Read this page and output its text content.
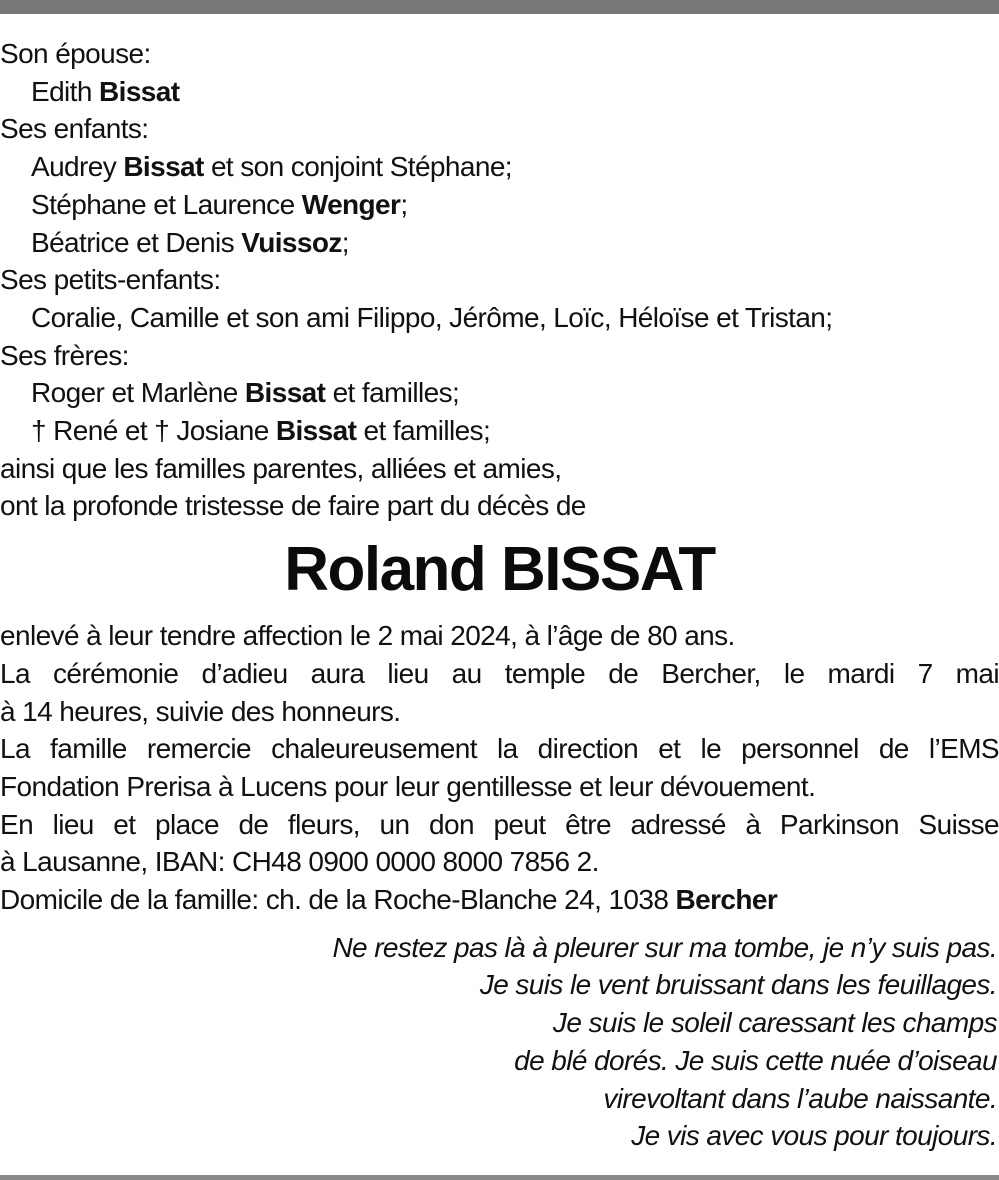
Son épouse:
Edith Bissat
Ses enfants:
Audrey Bissat et son conjoint Stéphane;
Stéphane et Laurence Wenger;
Béatrice et Denis Vuissoz;
Ses petits-enfants:
Coralie, Camille et son ami Filippo, Jérôme, Loïc, Héloïse et Tristan;
Ses frères:
Roger et Marlène Bissat et familles;
† René et † Josiane Bissat et familles;
ainsi que les familles parentes, alliées et amies,
ont la profonde tristesse de faire part du décès de
Roland BISSAT
enlevé à leur tendre affection le 2 mai 2024, à l’âge de 80 ans.
La cérémonie d’adieu aura lieu au temple de Bercher, le mardi 7 mai
à 14 heures, suivie des honneurs.
La famille remercie chaleureusement la direction et le personnel de l’EMS
Fondation Prerisa à Lucens pour leur gentillesse et leur dévouement.
En lieu et place de fleurs, un don peut être adressé à Parkinson Suisse
à Lausanne, IBAN: CH48 0900 0000 8000 7856 2.
Domicile de la famille: ch. de la Roche-Blanche 24, 1038 Bercher
Ne restez pas là à pleurer sur ma tombe, je n’y suis pas.
Je suis le vent bruissant dans les feuillages.
Je suis le soleil caressant les champs
de blé dorés. Je suis cette nuée d’oiseau
virevoltant dans l’aube naissante.
Je vis avec vous pour toujours.
